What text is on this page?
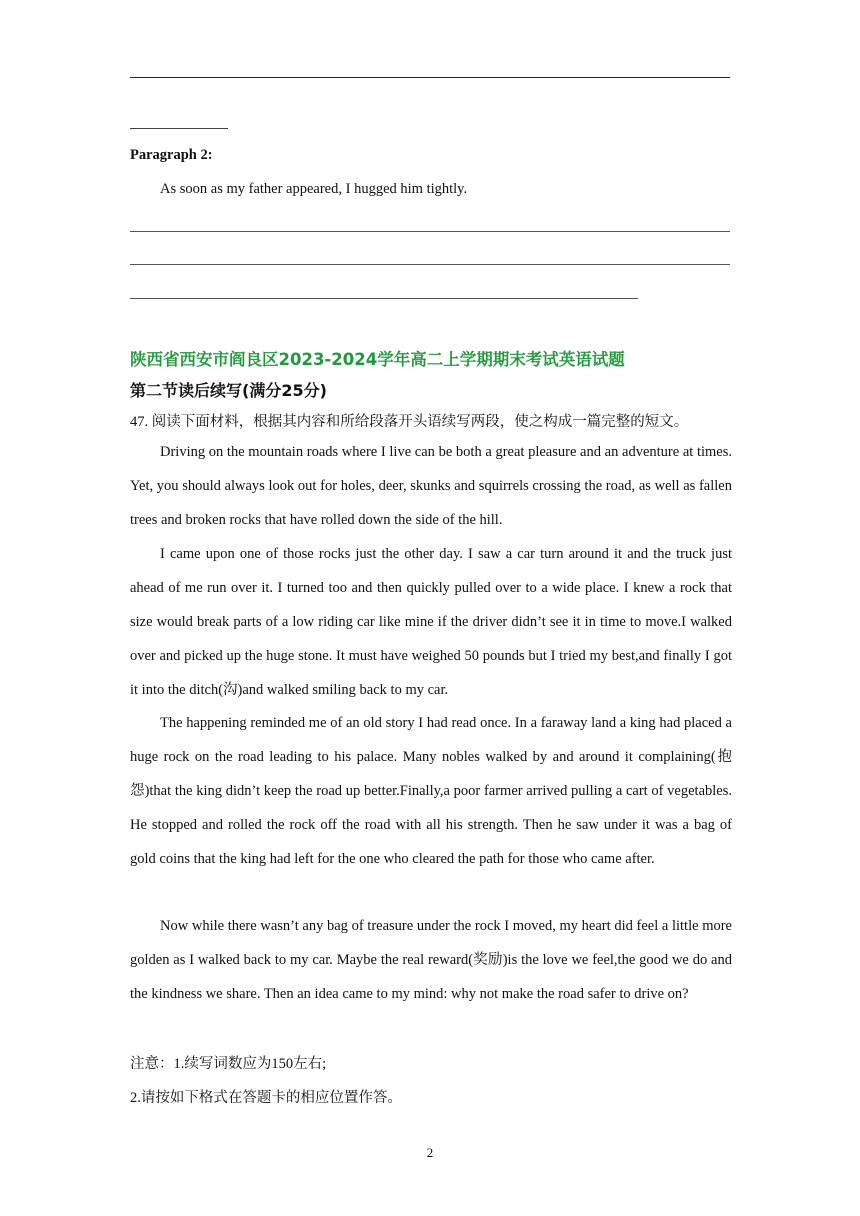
Paragraph 2:
As soon as my father appeared, I hugged him tightly.
陕西省西安市阎良区2023-2024学年高二上学期期末考试英语试题
第二节读后续写(满分25分)
47. 阅读下面材料，根据其内容和所给段落开头语续写两段，使之构成一篇完整的短文。

Driving on the mountain roads where I live can be both a great pleasure and an adventure at times. Yet, you should always look out for holes, deer, skunks and squirrels crossing the road, as well as fallen trees and broken rocks that have rolled down the side of the hill.

I came upon one of those rocks just the other day. I saw a car turn around it and the truck just ahead of me run over it. I turned too and then quickly pulled over to a wide place. I knew a rock that size would break parts of a low riding car like mine if the driver didn’t see it in time to move.I walked over and picked up the huge stone. It must have weighed 50 pounds but I tried my best,and finally I got it into the ditch(沟)and walked smiling back to my car.

The happening reminded me of an old story I had read once. In a faraway land a king had placed a huge rock on the road leading to his palace. Many nobles walked by and around it complaining(抱怨)that the king didn’t keep the road up better.Finally,a poor farmer arrived pulling a cart of vegetables. He stopped and rolled the rock off the road with all his strength. Then he saw under it was a bag of gold coins that the king had left for the one who cleared the path for those who came after.

Now while there wasn’t any bag of treasure under the rock I moved, my heart did feel a little more golden as I walked back to my car. Maybe the real reward(奖励)is the love we feel,the good we do and the kindness we share. Then an idea came to my mind: why not make the road safer to drive on?

注意：1.续写词数应为150左右;
2.请按如下格式在答题卡的相应位置作答。
2
